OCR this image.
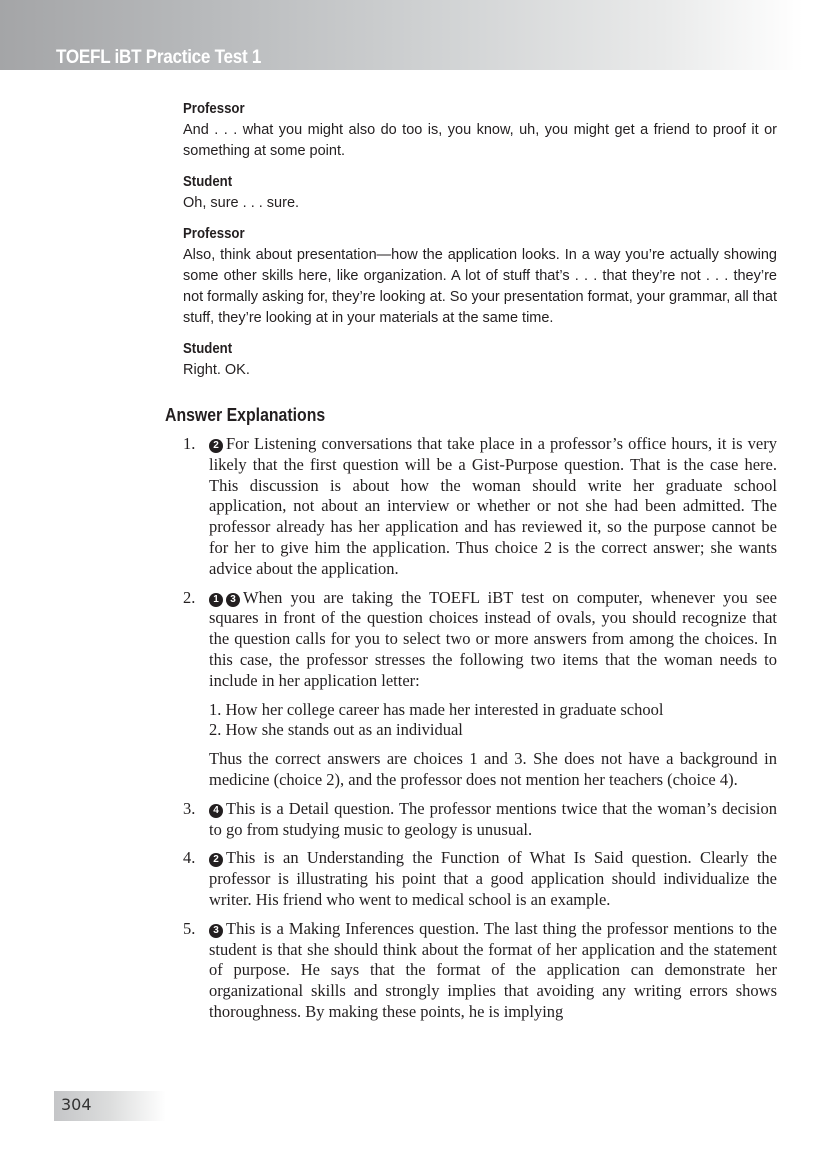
TOEFL iBT Practice Test 1
Professor

And . . . what you might also do too is, you know, uh, you might get a friend to proof it or something at some point.

Student

Oh, sure . . . sure.

Professor

Also, think about presentation—how the application looks. In a way you’re actually showing some other skills here, like organization. A lot of stuff that’s . . . that they’re not . . . they’re not formally asking for, they’re looking at. So your presentation format, your grammar, all that stuff, they’re looking at in your materials at the same time.

Student

Right. OK.

Answer Explanations
1.	2 For Listening conversations that take place in a professor’s office hours, it is very likely that the first question will be a Gist-Purpose question. That is the case here. This discussion is about how the woman should write her graduate school application, not about an interview or whether or not she had been admitted. The professor already has her application and has reviewed it, so the purpose cannot be for her to give him the application. Thus choice 2 is the correct answer; she wants advice about the application.

2.	1 3 When you are taking the TOEFL iBT test on computer, whenever you see squares in front of the question choices instead of ovals, you should recognize that the question calls for you to select two or more answers from among the choices. In this case, the professor stresses the following two items that the woman needs to include in her application letter:

1. How her college career has made her interested in graduate school
2. How she stands out as an individual

Thus the correct answers are choices 1 and 3. She does not have a background in medicine (choice 2), and the professor does not mention her teachers (choice 4).

3.	4 This is a Detail question. The professor mentions twice that the woman’s decision to go from studying music to geology is unusual.

4.	2 This is an Understanding the Function of What Is Said question. Clearly the professor is illustrating his point that a good application should individualize the writer. His friend who went to medical school is an example.

5.	3 This is a Making Inferences question. The last thing the professor mentions to the student is that she should think about the format of her application and the statement of purpose. He says that the format of the application can demonstrate her organizational skills and strongly implies that avoiding any writing errors shows thoroughness. By making these points, he is implying

304
